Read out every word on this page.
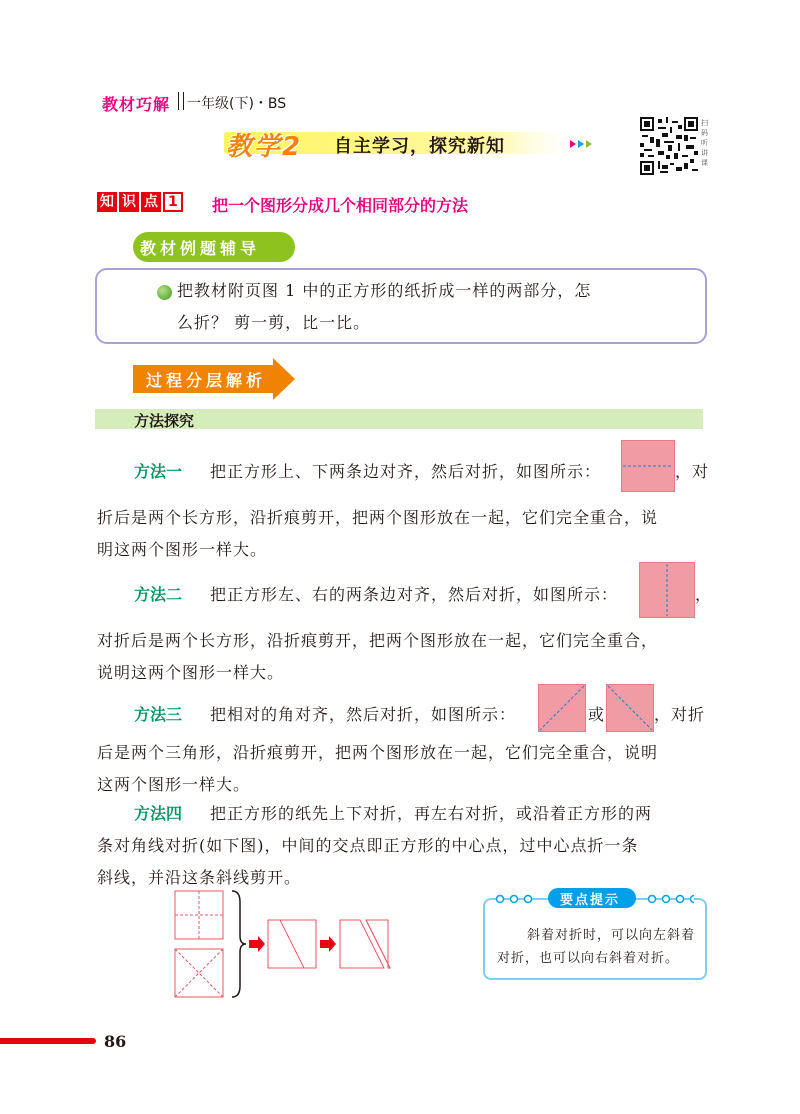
教材巧解 一年级(下)・BS
教学2 自主学习，探究新知
扫码听讲课
知 识 点 1	把一个图形分成几个相同部分的方法
教材例题辅导
把教材附页图 1 中的正方形的纸折成一样的两部分，怎
么折？ 剪一剪，比一比。
过程分层解析
方法探究
方法一 把正方形上、下两条边对齐，然后对折，如图所示：	，对
折后是两个长方形，沿折痕剪开，把两个图形放在一起，它们完全重合，说
明这两个图形一样大。
方法二 把正方形左、右的两条边对齐，然后对折，如图所示：	，
对折后是两个长方形，沿折痕剪开，把两个图形放在一起，它们完全重合，
说明这两个图形一样大。
方法三 把相对的角对齐，然后对折，如图所示：	或	，对折
后是两个三角形，沿折痕剪开，把两个图形放在一起，它们完全重合，说明
这两个图形一样大。
方法四 把正方形的纸先上下对折，再左右对折，或沿着正方形的两
条对角线对折(如下图)，中间的交点即正方形的中心点，过中心点折一条
斜线，并沿这条斜线剪开。
要点提示
斜着对折时，可以向左斜着
对折，也可以向右斜着对折。
86
